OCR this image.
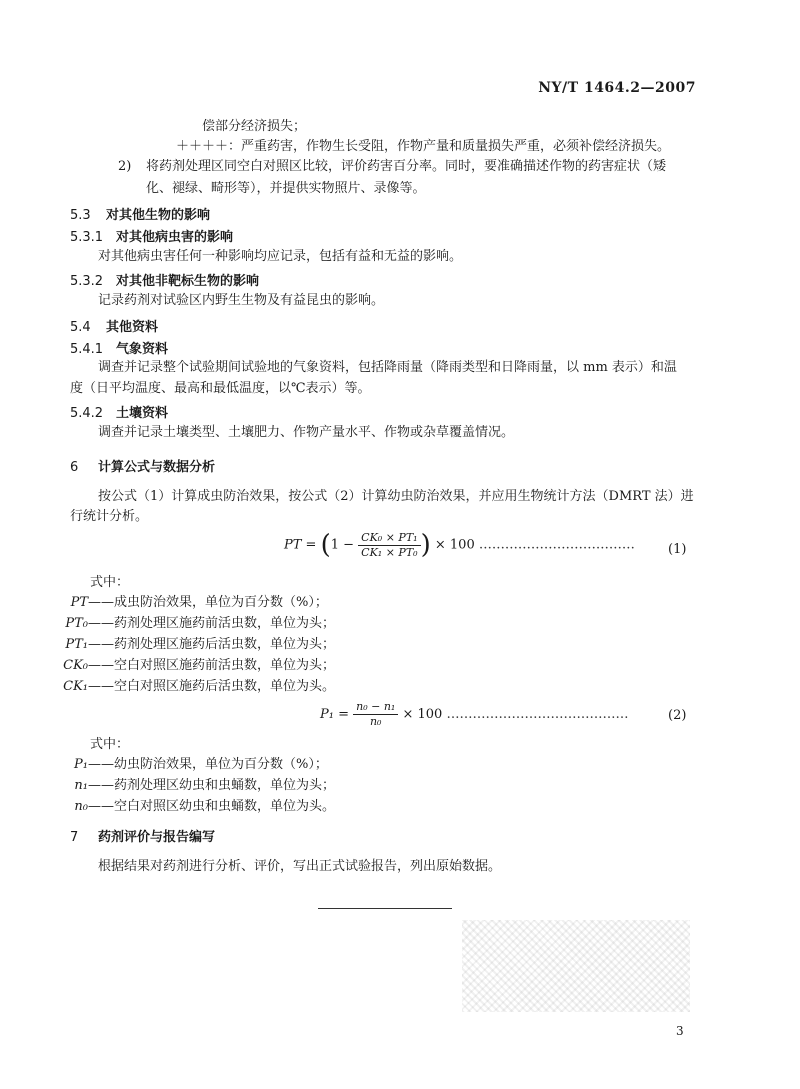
NY/T 1464.2—2007
偿部分经济损失；
＋＋＋＋：严重药害，作物生长受阻，作物产量和质量损失严重，必须补偿经济损失。
2) 将药剂处理区同空白对照区比较，评价药害百分率。同时，要准确描述作物的药害症状（矮
化、褪绿、畸形等），并提供实物照片、录像等。
5.3 对其他生物的影响
5.3.1 对其他病虫害的影响
对其他病虫害任何一种影响均应记录，包括有益和无益的影响。
5.3.2 对其他非靶标生物的影响
记录药剂对试验区内野生生物及有益昆虫的影响。
5.4 其他资料
5.4.1 气象资料
调查并记录整个试验期间试验地的气象资料，包括降雨量（降雨类型和日降雨量，以 mm 表示）和温
度（日平均温度、最高和最低温度，以℃表示）等。
5.4.2 土壤资料
调查并记录土壤类型、土壤肥力、作物产量水平、作物或杂草覆盖情况。
6 计算公式与数据分析
按公式（1）计算成虫防治效果，按公式（2）计算幼虫防治效果，并应用生物统计方法（DMRT 法）进
行统计分析。
PT = ($1 - \frac{\text{CK₀ × PT₁}}{\text{CK₁ × PT₀}}$ ) × 100 ………………………………	(1)
式中：
PT——成虫防治效果，单位为百分数（%）；
PT₀——药剂处理区施药前活虫数，单位为头；
PT₁——药剂处理区施药后活虫数，单位为头；
CK₀——空白对照区施药前活虫数，单位为头；
CK₁——空白对照区施药后活虫数，单位为头。
$P_1 = \frac{\text{n₀ − n₁}}{\text{n₀}} \times 100$ ……………………………………	(2)
式中：
P₁——幼虫防治效果，单位为百分数（%）；
n₁——药剂处理区幼虫和虫蛹数，单位为头；
n₀——空白对照区幼虫和虫蛹数，单位为头。
7 药剂评价与报告编写
根据结果对药剂进行分析、评价，写出正式试验报告，列出原始数据。
3
